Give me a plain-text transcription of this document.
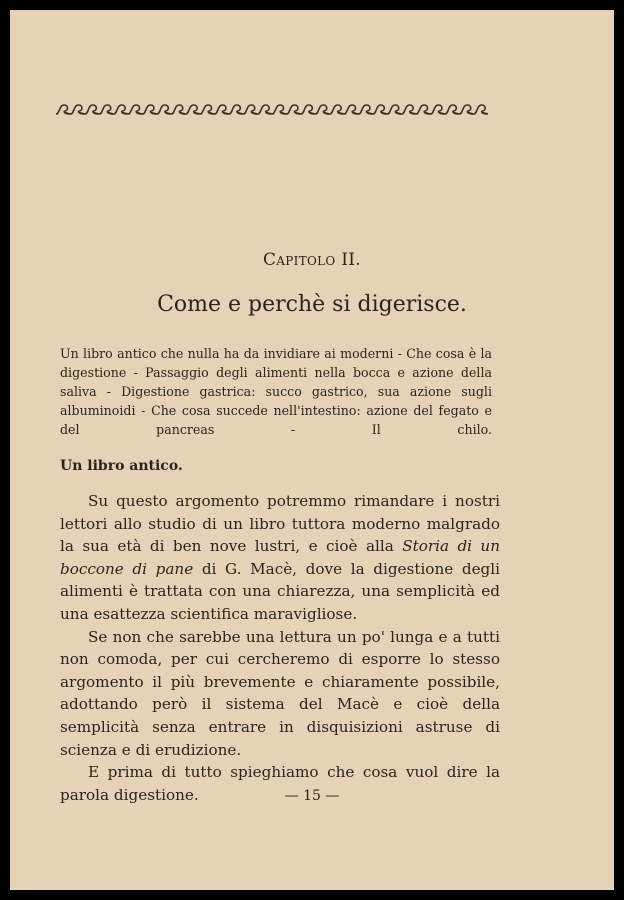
Capitolo II.
Come e perchè si digerisce.
Un libro antico che nulla ha da invidiare ai moderni - Che cosa è la digestione - Passaggio degli alimenti nella bocca e azione della saliva - Digestione gastrica: succo gastrico, sua azione sugli albuminoidi - Che cosa succede nell'intestino: azione del fegato e del pancreas - Il chilo.
Un libro antico.

Su questo argomento potremmo rimandare i nostri lettori allo studio di un libro tuttora moderno malgrado la sua età di ben nove lustri, e cioè alla Storia di un boccone di pane di G. Macè, dove la digestione degli alimenti è trattata con una chiarezza, una semplicità ed una esattezza scientifica maravigliose.

Se non che sarebbe una lettura un po' lunga e a tutti non comoda, per cui cercheremo di esporre lo stesso argomento il più brevemente e chiaramente possibile, adottando però il sistema del Macè e cioè della semplicità senza entrare in disquisizioni astruse di scienza e di erudizione.

E prima di tutto spieghiamo che cosa vuol dire la parola digestione.	— 15 —
